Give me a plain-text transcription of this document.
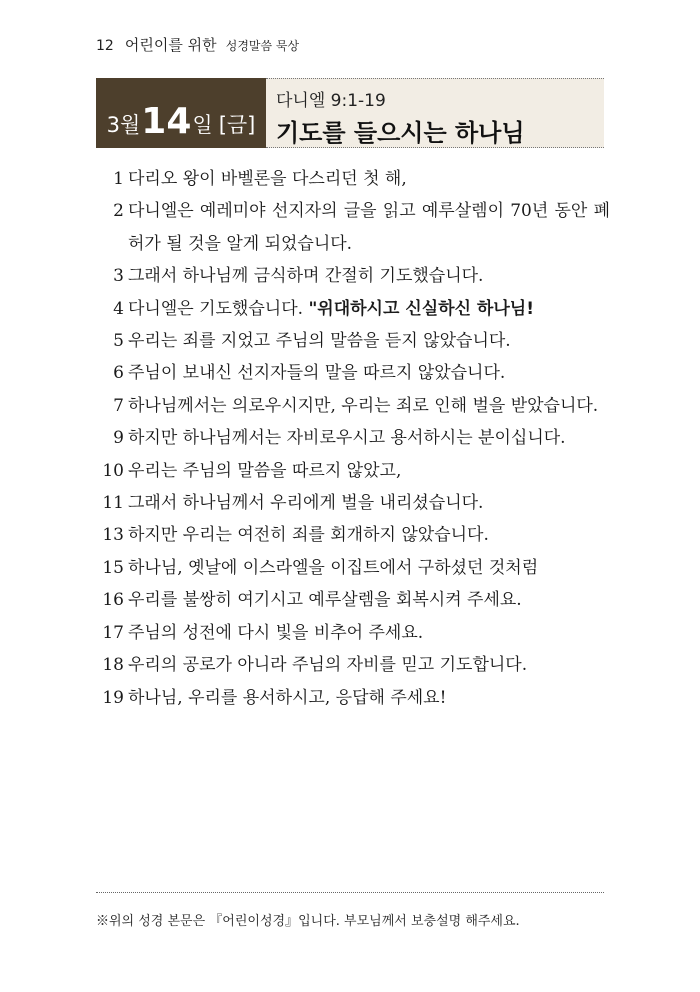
12 어린이를 위한 성경말씀 묵상
3월 14 일 [금]
다니엘 9:1-19
기도를 들으시는 하나님
1 다리오 왕이 바벨론을 다스리던 첫 해,
2 다니엘은 예레미야 선지자의 글을 읽고 예루살렘이 70년 동안 폐허가 될 것을 알게 되었습니다.
3 그래서 하나님께 금식하며 간절히 기도했습니다.
4 다니엘은 기도했습니다. "위대하시고 신실하신 하나님!
5 우리는 죄를 지었고 주님의 말씀을 듣지 않았습니다.
6 주님이 보내신 선지자들의 말을 따르지 않았습니다.
7 하나님께서는 의로우시지만, 우리는 죄로 인해 벌을 받았습니다.
9 하지만 하나님께서는 자비로우시고 용서하시는 분이십니다.
10 우리는 주님의 말씀을 따르지 않았고,
11 그래서 하나님께서 우리에게 벌을 내리셨습니다.
13 하지만 우리는 여전히 죄를 회개하지 않았습니다.
15 하나님, 옛날에 이스라엘을 이집트에서 구하셨던 것처럼
16 우리를 불쌍히 여기시고 예루살렘을 회복시켜 주세요.
17 주님의 성전에 다시 빛을 비추어 주세요.
18 우리의 공로가 아니라 주님의 자비를 믿고 기도합니다.
19 하나님, 우리를 용서하시고, 응답해 주세요!
※위의 성경 본문은 『어린이성경』입니다. 부모님께서 보충설명 해주세요.
